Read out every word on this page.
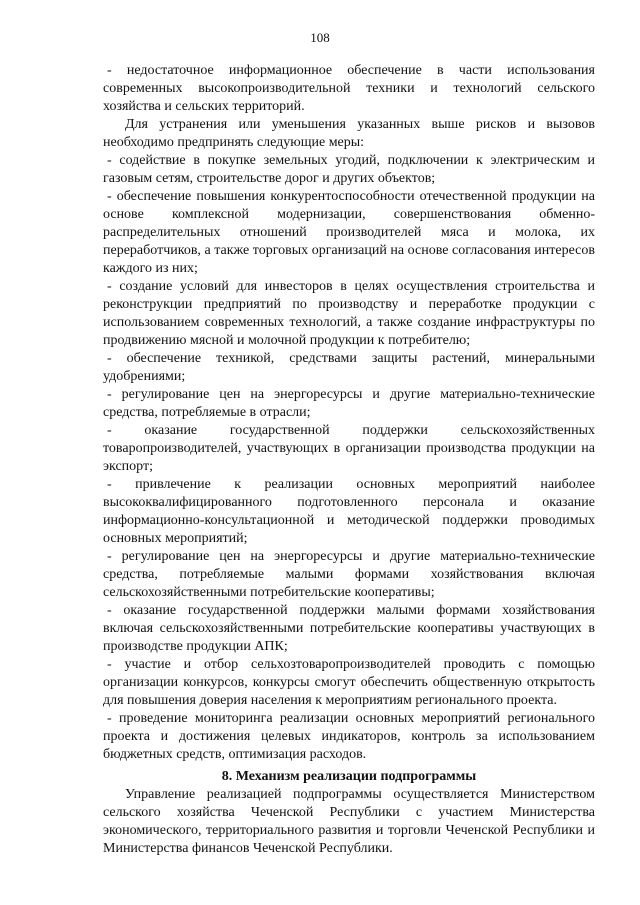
108

- недостаточное информационное обеспечение в части использования современных высокопроизводительной техники и технологий сельского хозяйства и сельских территорий.

Для устранения или уменьшения указанных выше рисков и вызовов необходимо предпринять следующие меры:

- содействие в покупке земельных угодий, подключении к электрическим и газовым сетям, строительстве дорог и других объектов;

- обеспечение повышения конкурентоспособности отечественной продукции на основе комплексной модернизации, совершенствования обменно-распределительных отношений производителей мяса и молока, их переработчиков, а также торговых организаций на основе согласования интересов каждого из них;

- создание условий для инвесторов в целях осуществления строительства и реконструкции предприятий по производству и переработке продукции с использованием современных технологий, а также создание инфраструктуры по продвижению мясной и молочной продукции к потребителю;

- обеспечение техникой, средствами защиты растений, минеральными удобрениями;

- регулирование цен на энергоресурсы и другие материально-технические средства, потребляемые в отрасли;

- оказание государственной поддержки сельскохозяйственных товаропроизводителей, участвующих в организации производства продукции на экспорт;

- привлечение к реализации основных мероприятий наиболее высококвалифицированного подготовленного персонала и оказание информационно-консультационной и методической поддержки проводимых основных мероприятий;

- регулирование цен на энергоресурсы и другие материально-технические средства, потребляемые малыми формами хозяйствования включая сельскохозяйственными потребительские кооперативы;

- оказание государственной поддержки малыми формами хозяйствования включая сельскохозяйственными потребительские кооперативы участвующих в производстве продукции АПК;

- участие и отбор сельхозтоваропроизводителей проводить с помощью организации конкурсов, конкурсы смогут обеспечить общественную открытость для повышения доверия населения к мероприятиям регионального проекта.

- проведение мониторинга реализации основных мероприятий регионального проекта и достижения целевых индикаторов, контроль за использованием бюджетных средств, оптимизация расходов.

8. Механизм реализации подпрограммы

Управление реализацией подпрограммы осуществляется Министерством сельского хозяйства Чеченской Республики с участием Министерства экономического, территориального развития и торговли Чеченской Республики и Министерства финансов Чеченской Республики.
